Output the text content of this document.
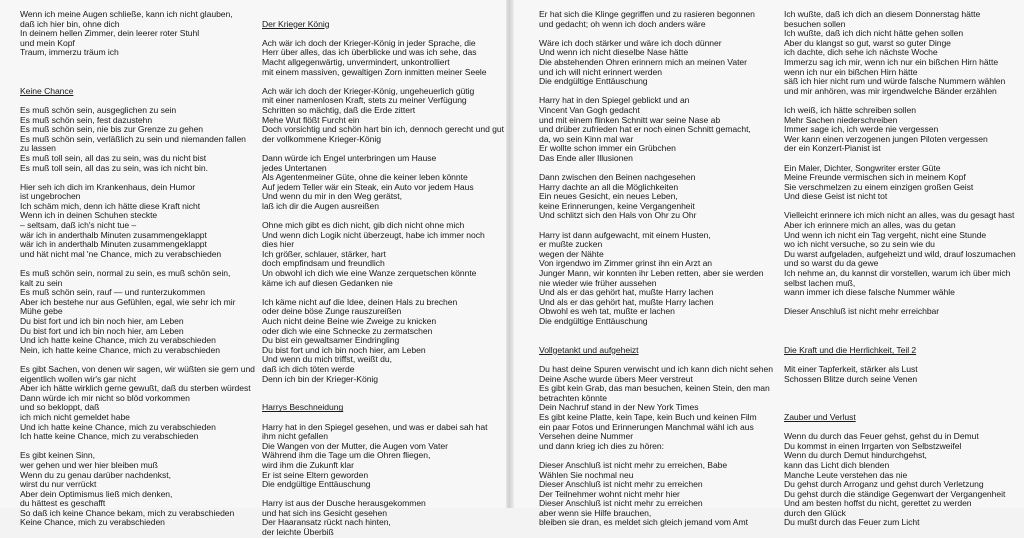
Wenn ich meine Augen schließe, kann ich nicht glauben,
daß ich hier bin, ohne dich
In deinem hellen Zimmer, dein leerer roter Stuhl
und mein Kopf
Traum, immerzu träum ich
Keine Chance
Es muß schön sein, ausgeglichen zu sein
Es muß schön sein, fest dazustehn
Es muß schön sein, nie bis zur Grenze zu gehen
Es muß schön sein, verläßlich zu sein und niemanden fallen
zu lassen
Es muß toll sein, all das zu sein, was du nicht bist
Es muß toll sein, all das zu sein, was ich nicht bin.
Hier seh ich dich im Krankenhaus, dein Humor
ist ungebrochen
Ich schäm mich, denn ich hätte diese Kraft nicht
Wenn ich in deinen Schuhen steckte
– seltsam, daß ich's nicht tue –
wär ich in anderthalb Minuten zusammengeklappt
wär ich in anderthalb Minuten zusammengeklappt
und hät nicht mal 'ne Chance, mich zu verabschieden
Es muß schön sein, normal zu sein, es muß schön sein,
kalt zu sein
Es muß schön sein, rauf — und runterzukommen
Aber ich bestehe nur aus Gefühlen, egal, wie sehr ich mir
Mühe gebe
Du bist fort und ich bin noch hier, am Leben
Du bist fort und ich bin noch hier, am Leben
Und ich hatte keine Chance, mich zu verabschieden
Nein, ich hatte keine Chance, mich zu verabschieden
Es gibt Sachen, von denen wir sagen, wir wüßten sie gern und
eigentlich wollen wir's gar nicht
Aber ich hätte wirklich gerne gewußt, daß du sterben würdest
Dann würde ich mir nicht so blöd vorkommen
und so bekloppt, daß
ich mich nicht gemeldet habe
Und ich hatte keine Chance, mich zu verabschieden
Ich hatte keine Chance, mich zu verabschieden
Es gibt keinen Sinn,
wer gehen und wer hier bleiben muß
Wenn du zu genau darüber nachdenkst,
wirst du nur verrückt
Aber dein Optimismus ließ mich denken,
du hättest es geschafft
So daß ich keine Chance bekam, mich zu verabschieden
Keine Chance, mich zu verabschieden
Der Krieger König
Ach wär ich doch der Krieger-König in jeder Sprache, die
Herr über alles, das ich überblicke und was ich sehe, das
Macht allgegenwärtig, unvermindert, unkontrolliert
mit einem massiven, gewaltigen Zorn inmitten meiner Seele
Ach wär ich doch der Krieger-König, ungeheuerlich gütig
mit einer namenlosen Kraft, stets zu meiner Verfügung
Schritten so mächtig, daß die Erde zittert
Mehe Wut flößt Furcht ein
Doch vorsichtig und schön hart bin ich, dennoch gerecht und gut
der vollkommene Krieger-König
Dann würde ich Engel unterbringen um Hause
jedes Untertanen
Als Agentenmeiner Güte, ohne die keiner leben könnte
Auf jedem Teller wär ein Steak, ein Auto vor jedem Haus
Und wenn du mir in den Weg gerätst,
laß ich dir die Augen ausreißen
Ohne mich gibt es dich nicht, gib dich nicht ohne mich
Und wenn dich Logik nicht überzeugt, habe ich immer noch
dies hier
Ich größer, schlauer, stärker, hart
doch empfindsam und freundlich
Un obwohl ich dich wie eine Wanze zerquetschen könnte
käme ich auf diesen Gedanken nie
Ich käme nicht auf die Idee, deinen Hals zu brechen
oder deine böse Zunge rauszureißen
Auch nicht deine Beine wie Zweige zu knicken
oder dich wie eine Schnecke zu zermatschen
Du bist ein gewaltsamer Eindringling
Du bist fort und ich bin noch hier, am Leben
Und wenn du mich triffst, weißt du,
daß ich dich töten werde
Denn ich bin der Krieger-König
Harrys Beschneidung
Harry hat in den Spiegel gesehen, und was er dabei sah hat
ihm nicht gefallen
Die Wangen von der Mutter, die Augen vom Vater
Während ihm die Tage um die Ohren fliegen,
wird ihm die Zukunft klar
Er ist seine Eltern geworden
Die endgültige Enttäuschung
Harry ist aus der Dusche herausgekommen
und hat sich ins Gesicht gesehen
Der Haaransatz rückt nach hinten,
der leichte Überbiß
Er hat sich die Klinge gegriffen und zu rasieren begonnen
und gedacht; oh wenn ich doch anders wäre
Wäre ich doch stärker und wäre ich doch dünner
Und wenn ich nicht dieselbe Nase hätte
Die abstehenden Ohren erinnern mich an meinen Vater
und ich will nicht erinnert werden
Die endgültige Enttäuschung
Harry hat in den Spiegel geblickt und an
Vincent Van Gogh gedacht
und mit einem flinken Schnitt war seine Nase ab
und drüber zufrieden hat er noch einen Schnitt gemacht,
da, wo sein Kinn mal war
Er wollte schon immer ein Grübchen
Das Ende aller Illusionen
Dann zwischen den Beinen nachgesehen
Harry dachte an all die Möglichkeiten
Ein neues Gesicht, ein neues Leben,
keine Erinnerungen, keine Vergangenheit
Und schlitzt sich den Hals von Ohr zu Ohr
Harry ist dann aufgewacht, mit einem Husten,
er mußte zucken
wegen der Nähte
Von irgendwo im Zimmer grinst ihn ein Arzt an
Junger Mann, wir konnten ihr Leben retten, aber sie werden
nie wieder wie früher aussehen
Und als er das gehört hat, mußte Harry lachen
Und als er das gehört hat, mußte Harry lachen
Obwohl es weh tat, mußte er lachen
Die endgültige Enttäuschung
Vollgetankt und aufgeheizt
Du hast deine Spuren verwischt und ich kann dich nicht sehen
Deine Asche wurde übers Meer verstreut
Es gibt kein Grab, das man besuchen, keinen Stein, den man
betrachten könnte
Dein Nachruf stand in der New York Times
Es gibt keine Platte, kein Tape, kein Buch und keinen Film
ein paar Fotos und Erinnerungen Manchmal wähl ich aus
Versehen deine Nummer
und dann krieg ich dies zu hören:
Dieser Anschluß ist nicht mehr zu erreichen, Babe
Wählen Sie nochmal neu
Dieser Anschluß ist nicht mehr zu erreichen
Der Teilnehmer wohnt nicht mehr hier
Dieser Anschluß ist nicht mehr zu erreichen
aber wenn sie Hilfe brauchen,
bleiben sie dran, es meldet sich gleich jemand vom Amt
Ich wußte, daß ich dich an diesem Donnerstag hätte
besuchen sollen
Ich wußte, daß ich dich nicht hätte gehen sollen
Aber du klangst so gut, warst so guter Dinge
ich dachte, dich sehe ich nächste Woche
Immerzu sag ich mir, wenn ich nur ein bißchen Hirn hätte
wenn ich nur ein bißchen Hirn hätte
säß ich hier nicht rum und würde falsche Nummern wählen
und mir anhören, was mir irgendwelche Bänder erzählen
Ich weiß, ich hätte schreiben sollen
Mehr Sachen niederschreiben
Immer sage ich, ich werde nie vergessen
Wer kann einen verzogenen jungen Piloten vergessen
der ein Konzert-Pianist ist
Ein Maler, Dichter, Songwriter erster Güte
Meine Freunde vermischen sich in meinem Kopf
Sie verschmelzen zu einem einzigen großen Geist
Und diese Geist ist nicht tot
Vielleicht erinnere ich mich nicht an alles, was du gesagt hast
Aber ich erinnere mich an alles, was du getan
Und wenn ich nicht ein Tag vergeht, nicht eine Stunde
wo ich nicht versuche, so zu sein wie du
Du warst aufgeladen, aufgeheizt und wild, drauf loszumachen
und so warst du da gewe
Ich nehme an, du kannst dir vorstellen, warum ich über mich
selbst lachen muß,
wann immer ich diese falsche Nummer wähle
Dieser Anschluß ist nicht mehr erreichbar
Die Kraft und die Herrlichkeit, Teil 2
Mit einer Tapferkeit, stärker als Lust
Schossen Blitze durch seine Venen
Zauber und Verlust
Wenn du durch das Feuer gehst, gehst du in Demut
Du kommst in einen Irrgarten von Selbstzweifel
Wenn du durch Demut hindurchgehst,
kann das Licht dich blenden
Manche Leute verstehen das nie
Du gehst durch Arroganz und gehst durch Verletzung
Du gehst durch die ständige Gegenwart der Vergangenheit
Und am besten hoffst du nicht, gerettet zu werden
durch den Glück
Du mußt durch das Feuer zum Licht
